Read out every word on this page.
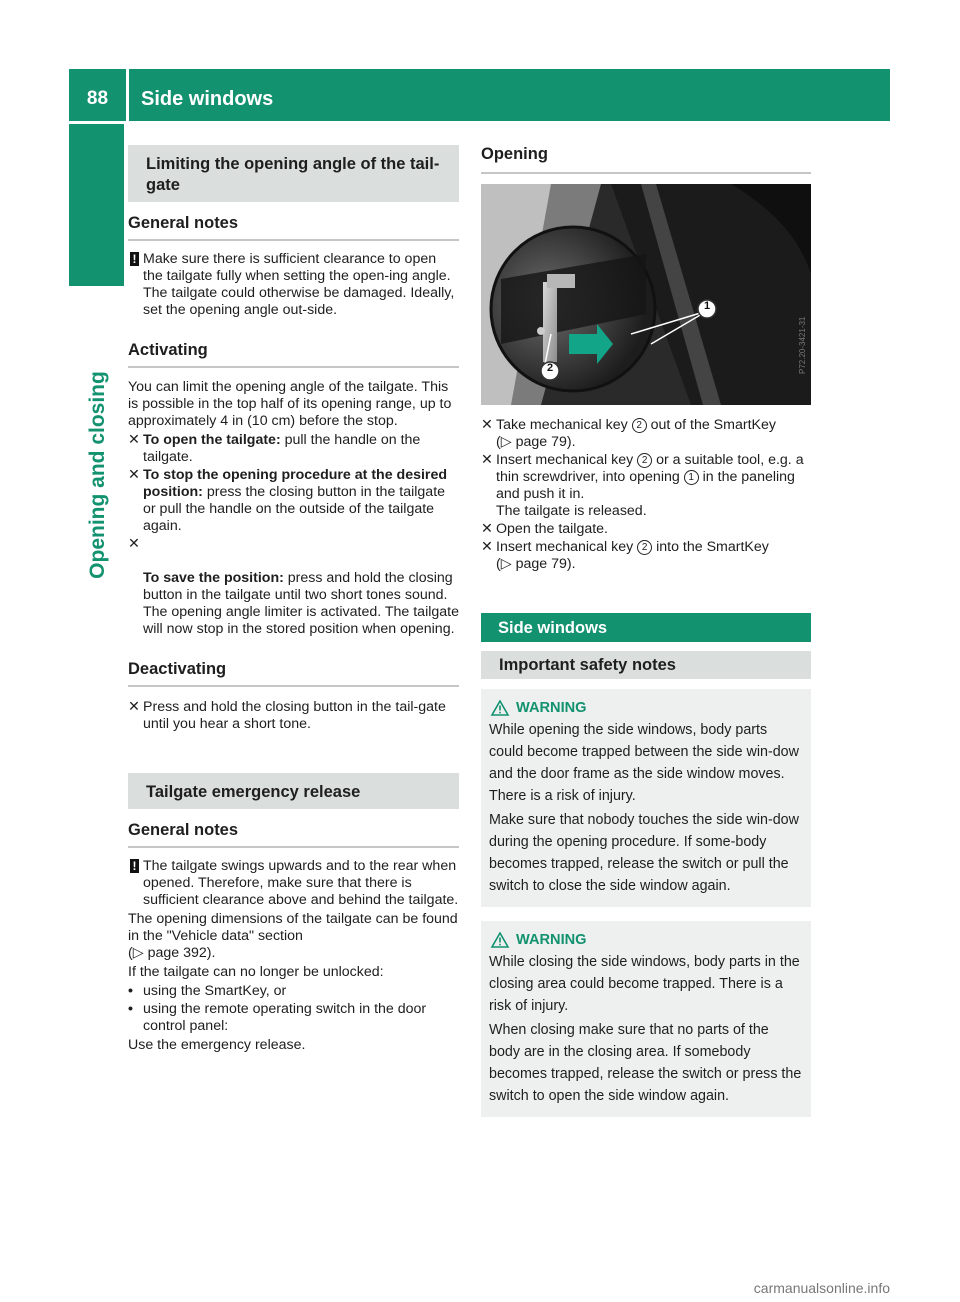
88	Side windows
Opening and closing
Limiting the opening angle of the tail-
gate
General notes
! Make sure there is sufficient clearance to open the tailgate fully when setting the open-ing angle. The tailgate could otherwise be damaged. Ideally, set the opening angle out-side.
Activating
You can limit the opening angle of the tailgate. This is possible in the top half of its opening range, up to approximately 4 in (10 cm) before the stop.
✕ To open the tailgate: pull the handle on the tailgate.
✕ To stop the opening procedure at the desired position: press the closing button in the tailgate or pull the handle on the outside of the tailgate again.

✕

To save the position: press and hold the closing button in the tailgate until two short tones sound.
The opening angle limiter is activated. The tailgate will now stop in the stored position when opening.

Deactivating
✕ Press and hold the closing button in the tail-gate until you hear a short tone.
Tailgate emergency release
General notes
! The tailgate swings upwards and to the rear when opened. Therefore, make sure that there is sufficient clearance above and behind the tailgate.
The opening dimensions of the tailgate can be found in the "Vehicle data" section
(▷ page 392).
If the tailgate can no longer be unlocked:
• using the SmartKey, or
• using the remote operating switch in the door control panel:
Use the emergency release.
Opening
1
2	P72.20-3421-31
✕ Take mechanical key 2 out of the SmartKey
(▷ page 79).
✕ Insert mechanical key 2 or a suitable tool, e.g. a thin screwdriver, into opening 1 in the paneling and push it in.
The tailgate is released.
✕ Open the tailgate.
✕ Insert mechanical key 2 into the SmartKey
(▷ page 79).
Side windows
Important safety notes
WARNING
While opening the side windows, body parts could become trapped between the side win-dow and the door frame as the side window moves. There is a risk of injury.
Make sure that nobody touches the side win-dow during the opening procedure. If some-body becomes trapped, release the switch or pull the switch to close the side window again.
WARNING
While closing the side windows, body parts in the closing area could become trapped. There is a risk of injury.
When closing make sure that no parts of the body are in the closing area. If somebody becomes trapped, release the switch or press the switch to open the side window again.
carmanualsonline.info
